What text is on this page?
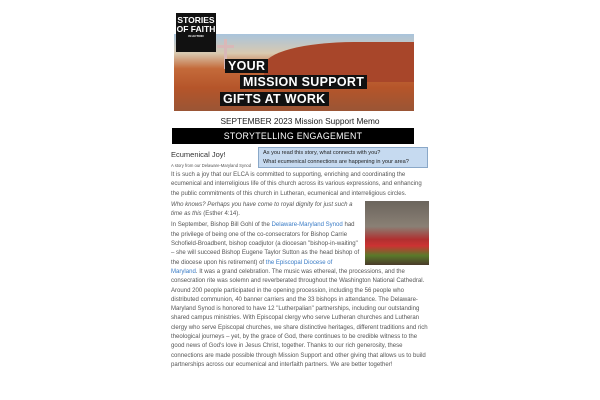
STORIES
OF FAITH
IN ACTION
YOUR
MISSION SUPPORT
GIFTS AT WORK
SEPTEMBER 2023 Mission Support Memo
STORYTELLING ENGAGEMENT
As you read this story, what connects with you?
What ecumenical connections are happening in your area?
Ecumenical Joy!
A story from our Delaware-Maryland Synod

It is such a joy that our ELCA is committed to supporting, enriching and coordinating the ecumenical and interreligious life of this church across its various expressions, and enhancing the public commitments of this church in Lutheran, ecumenical and interreligious circles.

Who knows? Perhaps you have come to royal dignity for just such a time as this (Esther 4:14).

In September, Bishop Bill Gohl of the Delaware-Maryland Synod had the privilege of being one of the co-consecrators for Bishop Carrie Schofield-Broadbent, bishop coadjutor (a diocesan "bishop-in-waiting" – she will succeed Bishop Eugene Taylor Sutton as the head bishop of the diocese upon his retirement) of the Episcopal Diocese of Maryland. It was a grand celebration. The music was ethereal, the processions, and the consecration rite was solemn and reverberated throughout the Washington National Cathedral. Around 200 people participated in the opening procession, including the 56 people who distributed communion, 40 banner carriers and the 33 bishops in attendance. The Delaware-Maryland Synod is honored to have 12 "Lutherpalian" partnerships, including our outstanding shared campus ministries. With Episcopal clergy who serve Lutheran churches and Lutheran clergy who serve Episcopal churches, we share distinctive heritages, different traditions and rich theological journeys – yet, by the grace of God, there continues to be credible witness to the good news of God's love in Jesus Christ, together. Thanks to our rich generosity, these connections are made possible through Mission Support and other giving that allows us to build partnerships across our ecumenical and interfaith partners. We are better together!
